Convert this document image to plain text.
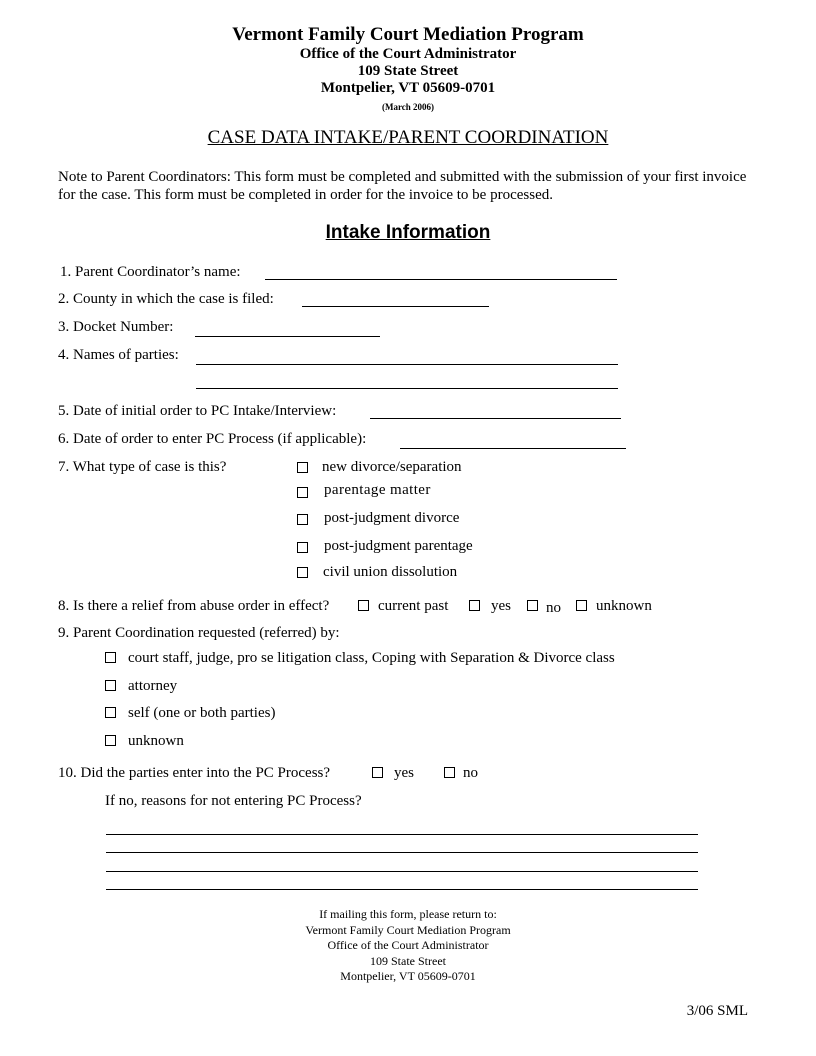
Vermont Family Court Mediation Program
Office of the Court Administrator
109 State Street
Montpelier, VT 05609-0701
(March 2006)
CASE DATA INTAKE/PARENT COORDINATION
Note to Parent Coordinators: This form must be completed and submitted with the submission of your first invoice for the case. This form must be completed in order for the invoice to be processed.
Intake Information
1. Parent Coordinator’s name:
2. County in which the case is filed:
3. Docket Number:
4. Names of parties:
5. Date of initial order to PC Intake/Interview:
6. Date of order to enter PC Process (if applicable):
7. What type of case is this?	new divorce/separation
parentage matter
post-judgment divorce
post-judgment parentage
civil union dissolution
8. Is there a relief from abuse order in effect?	current past	yes no unknown
9. Parent Coordination requested (referred) by:
court staff, judge, pro se litigation class, Coping with Separation & Divorce class
attorney
self (one or both parties)
unknown
10. Did the parties enter into the PC Process?	yes	no
If no, reasons for not entering PC Process?
If mailing this form, please return to:
Vermont Family Court Mediation Program
Office of the Court Administrator
109 State Street
Montpelier, VT 05609-0701
3/06 SML
